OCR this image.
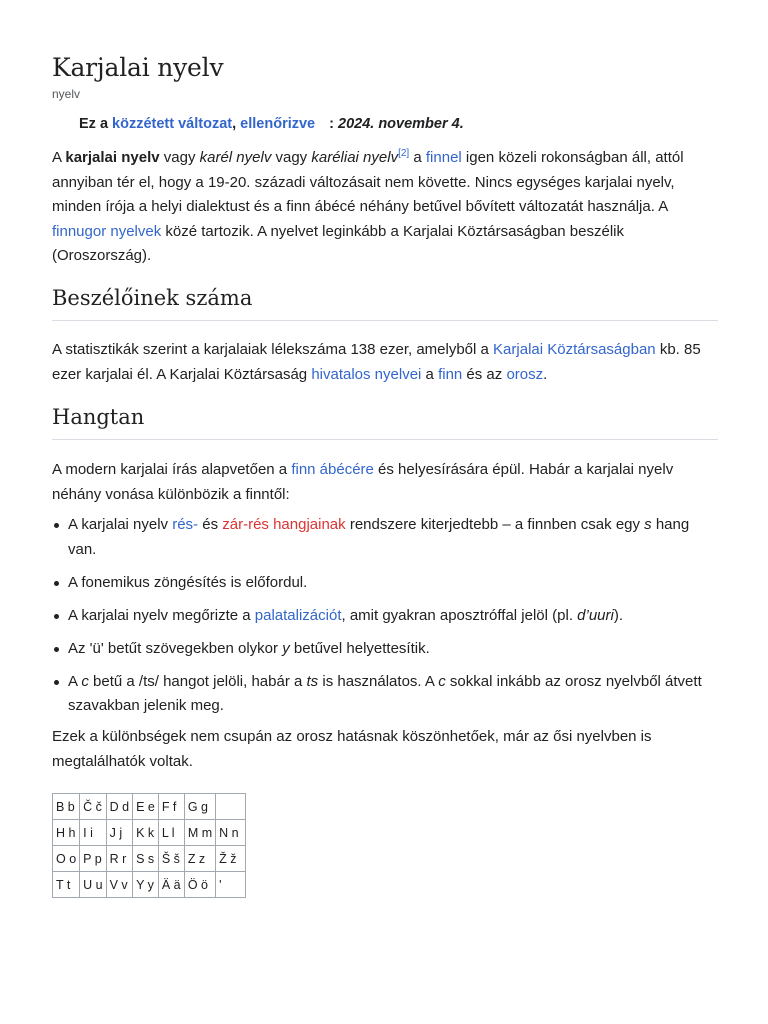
Karjalai nyelv
nyelv
Ez a közzétett változat, ellenőrizve : 2024. november 4.

A karjalai nyelv vagy karél nyelv vagy karéliai nyelv[2] a finnel igen közeli rokonságban áll, attól annyiban tér el, hogy a 19-20. századi változásait nem követte. Nincs egységes karjalai nyelv, minden írója a helyi dialektust és a finn ábécé néhány betűvel bővített változatát használja. A finnugor nyelvek közé tartozik. A nyelvet leginkább a Karjalai Köztársaságban beszélik (Oroszország).

Beszélőinek száma

A statisztikák szerint a karjalaiak lélekszáma 138 ezer, amelyből a Karjalai Köztársaságban kb. 85 ezer karjalai él. A Karjalai Köztársaság hivatalos nyelvei a finn és az orosz.

Hangtan

A modern karjalai írás alapvetően a finn ábécére és helyesírására épül. Habár a karjalai nyelv néhány vonása különbözik a finntől:

A karjalai nyelv rés- és zár-rés hangjainak rendszere kiterjedtebb – a finnben csak egy s hang van.
A fonemikus zöngésítés is előfordul.
A karjalai nyelv megőrizte a palatalizációt, amit gyakran aposztróffal jelöl (pl. d’uuri).
Az 'ü' betűt szövegekben olykor y betűvel helyettesítik.
A c betű a /ts/ hangot jelöli, habár a ts is használatos. A c sokkal inkább az orosz nyelvből átvett szavakban jelenik meg.

Ezek a különbségek nem csupán az orosz hatásnak köszönhetőek, már az ősi nyelvben is megtalálhatók voltak.

B b	Č č	D d	E e	F f	G g	
H h	I i	J j	K k	L l	M m	N n
O o	P p	R r	S s	Š š	Z z	Ž ž
T t	U u	V v	Y y	Ä ä	Ö ö	'
